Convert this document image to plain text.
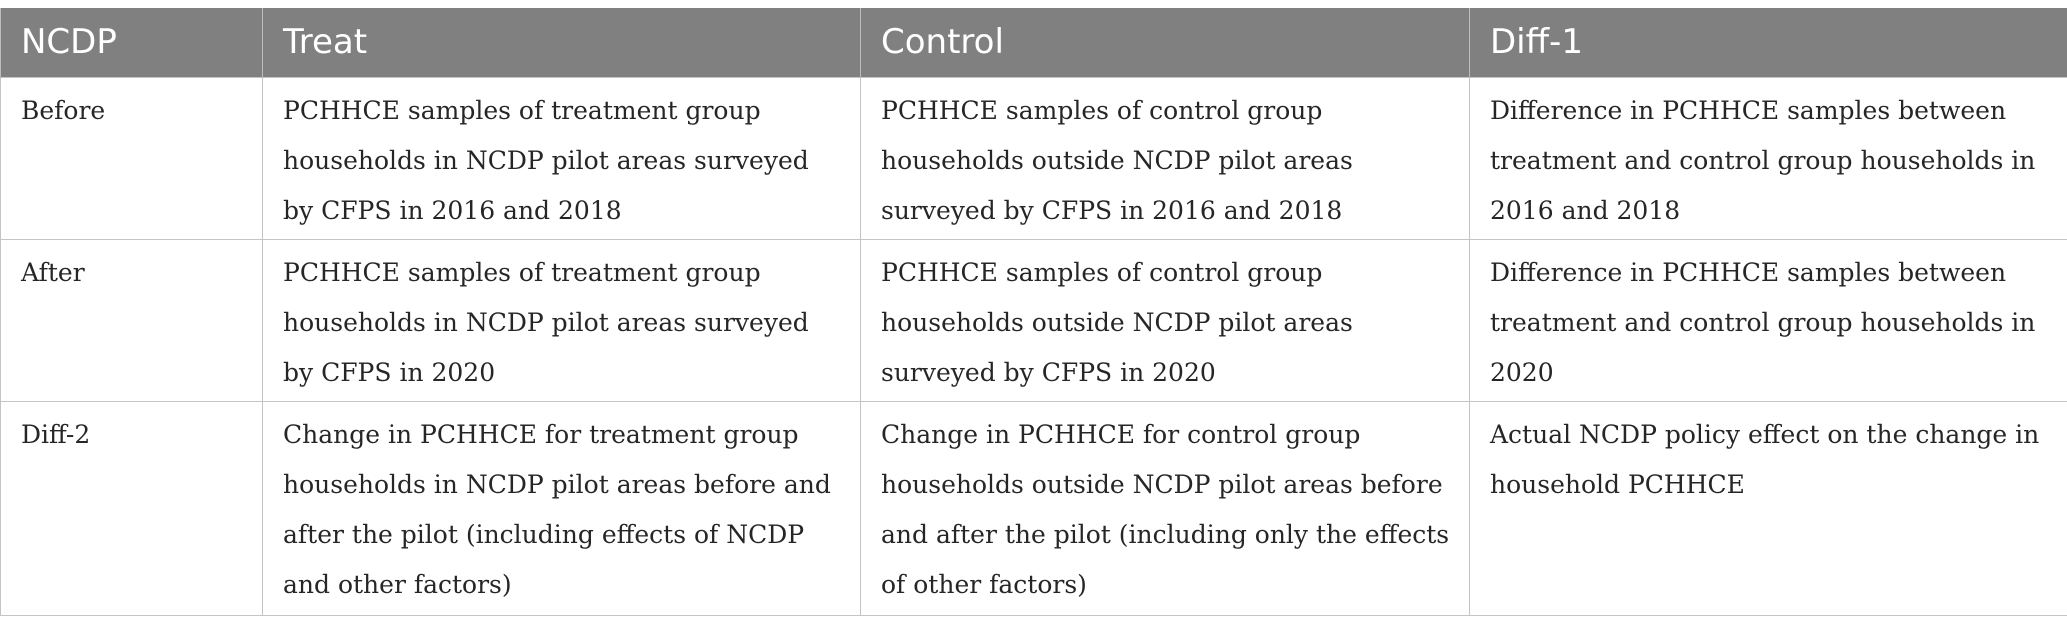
NCDP	Treat	Control	Diff-1
Before	PCHHCE samples of treatment group households in NCDP pilot areas surveyed by CFPS in 2016 and 2018	PCHHCE samples of control group households outside NCDP pilot areas surveyed by CFPS in 2016 and 2018	Difference in PCHHCE samples between treatment and control group households in 2016 and 2018
After	PCHHCE samples of treatment group households in NCDP pilot areas surveyed by CFPS in 2020	PCHHCE samples of control group households outside NCDP pilot areas surveyed by CFPS in 2020	Difference in PCHHCE samples between treatment and control group households in 2020
Diff-2	Change in PCHHCE for treatment group households in NCDP pilot areas before and after the pilot (including effects of NCDP and other factors)	Change in PCHHCE for control group households outside NCDP pilot areas before and after the pilot (including only the effects of other factors)	Actual NCDP policy effect on the change in household PCHHCE
